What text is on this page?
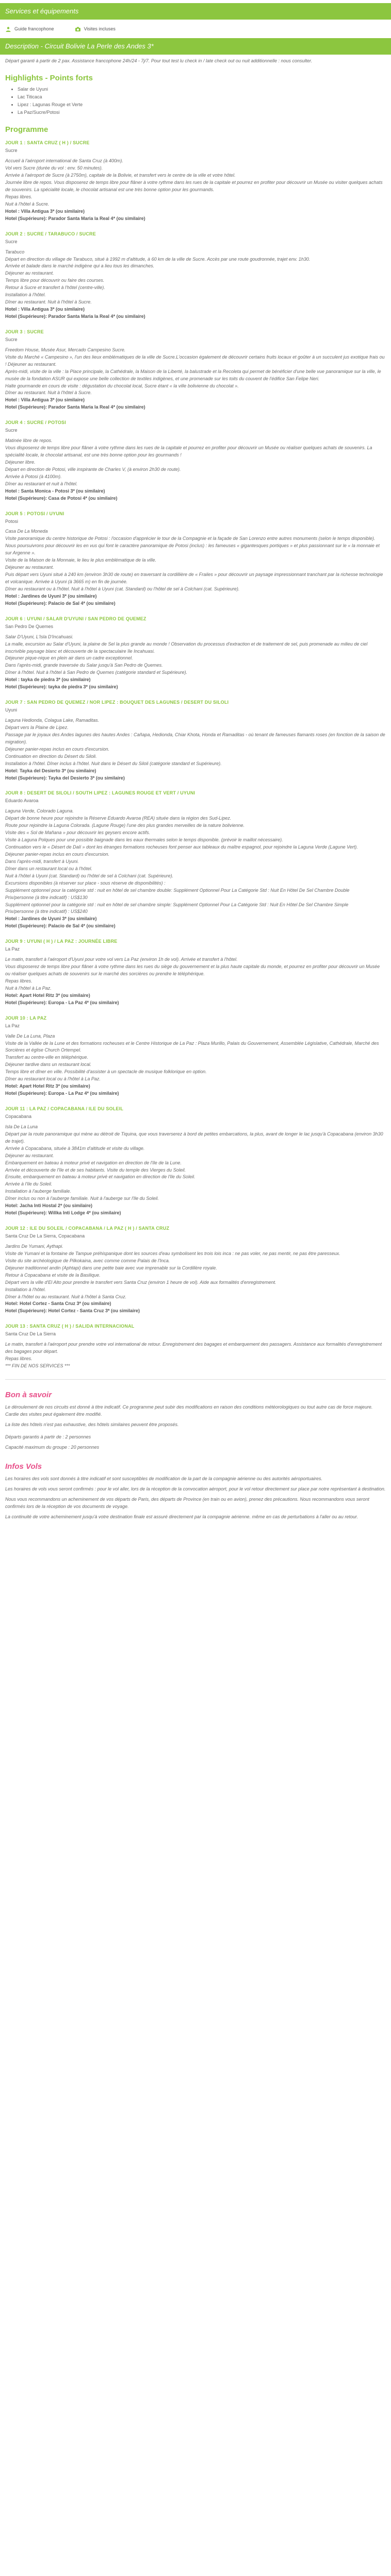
Services et équipements
Guide francophone	Visites incluses
Description - Circuit Bolivie La Perle des Andes 3*

Départ garanti à partir de 2 pax. Assistance francophone 24h/24 - 7j/7. Pour tout test lu check in / late check out ou nuit additionnelle : nous consulter.

Highlights - Points forts
• Salar de Uyuni
• Lac Titicaca
• Lipez : Lagunas Rouge et Verte
• La Paz/Sucre/Potosi
Programme
JOUR 1 : SANTA CRUZ ( H ) / SUCRE
Sucre

Accueil à l'aéroport international de Santa Cruz (à 400m).

Vol vers Sucre (durée du vol : env. 50 minutes).

Arrivée à l'aéroport de Sucre (à 2750m), capitale de la Bolivie, et transfert vers le centre de la ville et votre hôtel.

Journée libre de repos. Vous disposerez de temps libre pour flâner à votre rythme dans les rues de la capitale et pourrez en profiter pour découvrir un Musée ou visiter quelques achats de souvenirs. La spécialité locale, le chocolat artisanal est une très bonne option pour les gourmands.

Repas libres.

Nuit à l'hôtel à Sucre.

Hotel : Villa Antigua 3* (ou similaire)

Hotel (Supérieure): Parador Santa Maria la Real 4* (ou similaire)

JOUR 2 : SUCRE / TARABUCO / SUCRE
Sucre

Tarabuco

Départ en direction du village de Tarabuco, situé à 1992 m d'altitude, à 60 km de la ville de Sucre. Accès par une route goudronnée, trajet env. 1h30.

Arrivée et balade dans le marché indigène qui a lieu tous les dimanches.

Déjeuner au restaurant.

Temps libre pour découvrir ou faire des courses.

Retour à Sucre et transfert à l'hôtel (centre-ville).

Installation à l'hôtel.

Dîner au restaurant. Nuit à l'hôtel à Sucre.

Hotel : Villa Antigua 3* (ou similaire)

Hotel (Supérieure): Parador Santa Maria la Real 4* (ou similaire)

JOUR 3 : SUCRE
Sucre

Freedom House, Musée Asur, Mercado Campesino Sucre.

Visite du Marché « Campesino », l'un des lieux emblématiques de la ville de Sucre.L'occasion également de découvrir certains fruits locaux et goûter à un succulent jus exotique frais ou ! Déjeuner au restaurant.

Après-midi, visite de la ville : la Place principale, la Cathédrale, la Maison de la Liberté, la balustrade et la Recoleta qui permet de bénéficier d'une belle vue panoramique sur la ville, le musée de la fondation ASUR qui expose une belle collection de textiles indigènes, et une promenade sur les toits du couvent de l'édifice San Felipe Neri.

Halte gourmande en cours de visite : dégustation du chocolat local, Sucre étant « la ville bolivienne du chocolat ».

Dîner au restaurant. Nuit à l'hôtel à Sucre.

Hotel : Villa Antigua 3* (ou similaire)

Hotel (Supérieure): Parador Santa Maria la Real 4* (ou similaire)

JOUR 4 : SUCRE / POTOSI
Sucre

Matinée libre de repos.

Vous disposerez de temps libre pour flâner à votre rythme dans les rues de la capitale et pourrez en profiter pour découvrir un Musée ou réaliser quelques achats de souvenirs. La spécialité locale, le chocolat artisanal, est une très bonne option pour les gourmands !

Déjeuner libre.

Départ en direction de Potosi, ville inspirante de Charles V, (à environ 2h30 de route).

Arrivée à Potosi (à 4100m).

Dîner au restaurant et nuit à l'hôtel.

Hotel : Santa Monica - Potosi 3* (ou similaire)

Hotel (Supérieure): Casa de Potosi 4* (ou similaire)

JOUR 5 : POTOSI / UYUNI
Potosi

Casa De La Moneda

Visite panoramique du centre historique de Potosi : l'occasion d'apprécier le tour de la Compagnie et la façade de San Lorenzo entre autres monuments (selon le temps disponible).

Nous poursuivrons pour découvrir les en vus qui font le caractère panoramique de Potosi (inclus) : les fameuses « gigantesques portiques » et plus passionnant sur le « la monnaie et sur Argenne ».

Visite de la Maison de la Monnaie, le lieu le plus emblématique de la ville.

Déjeuner au restaurant.

Puis départ vers Uyuni situé à 240 km (environ 3h30 de route) en traversant la cordillière de « Frailes » pour découvrir un paysage impressionnant tranchant par la richesse technologie et volcanique. Arrivée à Uyuni (à 3665 m) en fin de journée.

Dîner au restaurant ou à l'hôtel. Nuit à l'hôtel à Uyuni (cat. Standard) ou l'hôtel de sel à Colchani (cat. Supérieure).

Hotel : Jardines de Uyuni 3* (ou similaire)

Hotel (Supérieure): Palacio de Sal 4* (ou similaire)

JOUR 6 : UYUNI / SALAR D'UYUNI / SAN PEDRO DE QUEMEZ
San Pedro De Quemes

Salar D'Uyuni, L'Isla D'Incahuasi.

La malle, excursion au Salar d'Uyuni, la plaine de Sel la plus grande au monde ! Observation du processus d'extraction et de traitement de sel, puis promenade au milieu de ciel inscrivible paysage blanc et découverte de la spectaculaire île Incahuasi.

Déjeuner pique-nique en plein air dans un cadre exceptionnel.

Dans l'après-midi, grande traversée du Salar jusqu'à San Pedro de Quemes.

Dîner à l'hôtel. Nuit à l'hôtel à San Pedro de Quemes (catégorie standard et Supérieure).

Hotel : tayka de piedra 3* (ou similaire)

Hotel (Supérieure): tayka de piedra 3* (ou similaire)

JOUR 7 : SAN PEDRO DE QUEMEZ / NOR LIPEZ : BOUQUET DES LAGUNES / DESERT DU SILOLI
Uyuni

Laguna Hedionda, Colagua Lake, Ramaditas.

Départ vers la Plaine de Lipez.

Passage par le joyaux des Andes lagunes des hautes Andes : Cañapa, Hedionda, Chiar Khota, Honda et Ramaditas - où tenant de fameuses flamants roses (en fonction de la saison de migration).

Déjeuner panier-repas inclus en cours d'excursion.

Continuation en direction du Désert du Siloli.

Installation à l'hôtel. Dîner inclus à l'hôtel. Nuit dans le Désert du Siloli (catégorie standard et Supérieure).

Hotel: Tayka del Desierto 3* (ou similaire)

Hotel (Supérieure): Tayka del Desierto 3* (ou similaire)

JOUR 8 : DESERT DE SILOLI / SOUTH LIPEZ : LAGUNES ROUGE ET VERT / UYUNI
Eduardo Avaroa

Laguna Verde, Colorado Laguna.

Départ de bonne heure pour rejoindre la Réserve Eduardo Avaroa (REA) située dans la région des Sud-Lipez.

Route pour rejoindre la Laguna Colorada. (Lagune Rouge) l'une des plus grandes merveilles de la nature bolivienne.

Visite des « Sol de Mañana » pour découvrir les geysers encore actifs.

Visite à Laguna Polques pour une possible baignade dans les eaux thermales selon le temps disponible. (prévoir le maillot nécessaire).

Continuation vers le « Désert de Dalí » dont les étranges formations rocheuses font penser aux tableaux du maître espagnol, pour rejoindre la Laguna Verde (Lagune Vert).

Déjeuner panier-repas inclus en cours d'excursion.

Dans l'après-midi, transfert à Uyuni.

Dîner dans un restaurant local ou à l'hôtel.

Nuit à l'hôtel à Uyuni (cat. Standard) ou l'hôtel de sel à Colchani (cat. Supérieure).

Excursions disponibles (à réserver sur place - sous réserve de disponibilités) :

Supplément optionnel pour la catégorie std : nuit en hôtel de sel chambre double: Supplément Optionnel Pour La Catégorie Std : Nuit En Hôtel De Sel Chambre Double

Prix/personne (à titre indicatif) : US$130

Supplément optionnel pour la catégorie std : nuit en hôtel de sel chambre simple: Supplément Optionnel Pour La Catégorie Std : Nuit En Hôtel De Sel Chambre Simple

Prix/personne (à titre indicatif) : US$240

Hotel : Jardines de Uyuni 3* (ou similaire)

Hotel (Supérieure): Palacio de Sal 4* (ou similaire)

JOUR 9 : UYUNI ( H ) / LA PAZ : JOURNÉE LIBRE
La Paz

Le matin, transfert à l'aéroport d'Uyuni pour votre vol vers La Paz (environ 1h de vol). Arrivée et transfert à l'hôtel.

Vous disposerez de temps libre pour flâner à votre rythme dans les rues du siège du gouvernement et la plus haute capitale du monde, et pourrez en profiter pour découvrir un Musée ou réaliser quelques achats de souvenirs sur le marché des sorcières ou prendre le téléphérique.

Repas libres.

Nuit à l'hôtel à La Paz.

Hotel: Apart Hotel Ritz 3* (ou similaire)

Hotel (Supérieure): Europa - La Paz 4* (ou similaire)

JOUR 10 : LA PAZ
La Paz

Valle De La Luna, Plaza

Visite de la Vallée de la Lune et des formations rocheuses et le Centre Historique de La Paz : Plaza Murillo, Palais du Gouvernement, Assemblée Législative, Cathédrale, Marché des Sorcières et église Church Ortempel.

Transfert au centre-ville en téléphérique.

Déjeuner tardive dans un restaurant local.

Temps libre et dîner en ville. Possibilité d'assister à un spectacle de musique folklorique en option.

Dîner au restaurant local ou à l'hôtel à La Paz.

Hotel: Apart Hotel Ritz 3* (ou similaire)

Hotel (Supérieure): Europa - La Paz 4* (ou similaire)

JOUR 11 : LA PAZ / COPACABANA / ILE DU SOLEIL
Copacabana

Isla De La Luna

Départ par la route panoramique qui mène au détroit de Tiquina, que vous traverserez à bord de petites embarcations, la plus, avant de longer le lac jusqu'à Copacabana (environ 3h30 de trajet).

Arrivée à Copacabana, située à 3841m d'altitude et visite du village.

Déjeuner au restaurant.

Embarquement en bateau à moteur privé et navigation en direction de l'Ile de la Lune.

Arrivée et découverte de l'île et de ses habitants. Visite du temple des Vierges du Soleil.

Ensuite, embarquement en bateau à moteur privé et navigation en direction de l'Ile du Soleil.

Arrivée à l'Ile du Soleil.

Installation à l'auberge familiale.

Dîner inclus ou non à l'auberge familiale. Nuit à l'auberge sur l'Ile du Soleil.

Hotel: Jacha Inti Hostal 2* (ou similaire)

Hotel (Supérieure): Willka Inti Lodge 4* (ou similaire)

JOUR 12 : ILE DU SOLEIL / COPACABANA / LA PAZ ( H ) / SANTA CRUZ
Santa Cruz De La Sierra, Copacabana

Jardins De Yumani, Aythapi.

Visite de Yumani et la fontaine de Tampue préhispanique dont les sources d'eau symbolisent les trois lois inca : ne pas voler, ne pas mentir, ne pas être paresseux.

Visite du site archéologique de Pilkokaina, avec comme comme Palais de l'Inca.

Déjeuner traditionnel andin (Aphtapi) dans une petite baie avec vue imprenable sur la Cordillère royale.

Retour à Copacabana et visite de la Basilique.

Départ vers la ville d'El Alto pour prendre le transfert vers Santa Cruz (environ 1 heure de vol). Aide aux formalités d'enregistrement.

Installation à l'hôtel.

Dîner à l'hôtel ou au restaurant. Nuit à l'hôtel à Santa Cruz.

Hotel: Hotel Cortez - Santa Cruz 3* (ou similaire)

Hotel (Supérieure): Hotel Cortez - Santa Cruz 3* (ou similaire)

JOUR 13 : SANTA CRUZ ( H ) / SALIDA INTERNACIONAL
Santa Cruz De La Sierra

Le matin, transfert à l'aéroport pour prendre votre vol international de retour. Enregistrement des bagages et embarquement des passagers. Assistance aux formalités d'enregistrement des bagages pour départ.

Repas libres.

*** FIN DE NOS SERVICES ***

Bon à savoir

Le déroulement de nos circuits est donné à titre indicatif. Ce programme peut subir des modifications en raison des conditions météorologiques ou tout autre cas de force majeure. Cardie des visites peut également être modifié.

La liste des hôtels n'est pas exhaustive, des hôtels similaires peuvent être proposés.

Départs garantis à partir de : 2 personnes

Capacité maximum du groupe : 20 personnes

Infos Vols

Les horaires des vols sont donnés à titre indicatif et sont susceptibles de modification de la part de la compagnie aérienne ou des autorités aéroportuaires.

Les horaires de vols vous seront confirmés : pour le vol aller, lors de la réception de la convocation aéroport, pour le vol retour directement sur place par notre représentant à destination.

Nous vous recommandons un acheminement de vos départs de Paris, des départs de Province (en train ou en avion), prenez des précautions. Nous recommandons vous seront confirmés lors de la réception de vos documents de voyage.

La continuité de votre acheminement jusqu'à votre destination finale est assuré directement par la compagnie aérienne. même en cas de perturbations à l'aller ou au retour.
